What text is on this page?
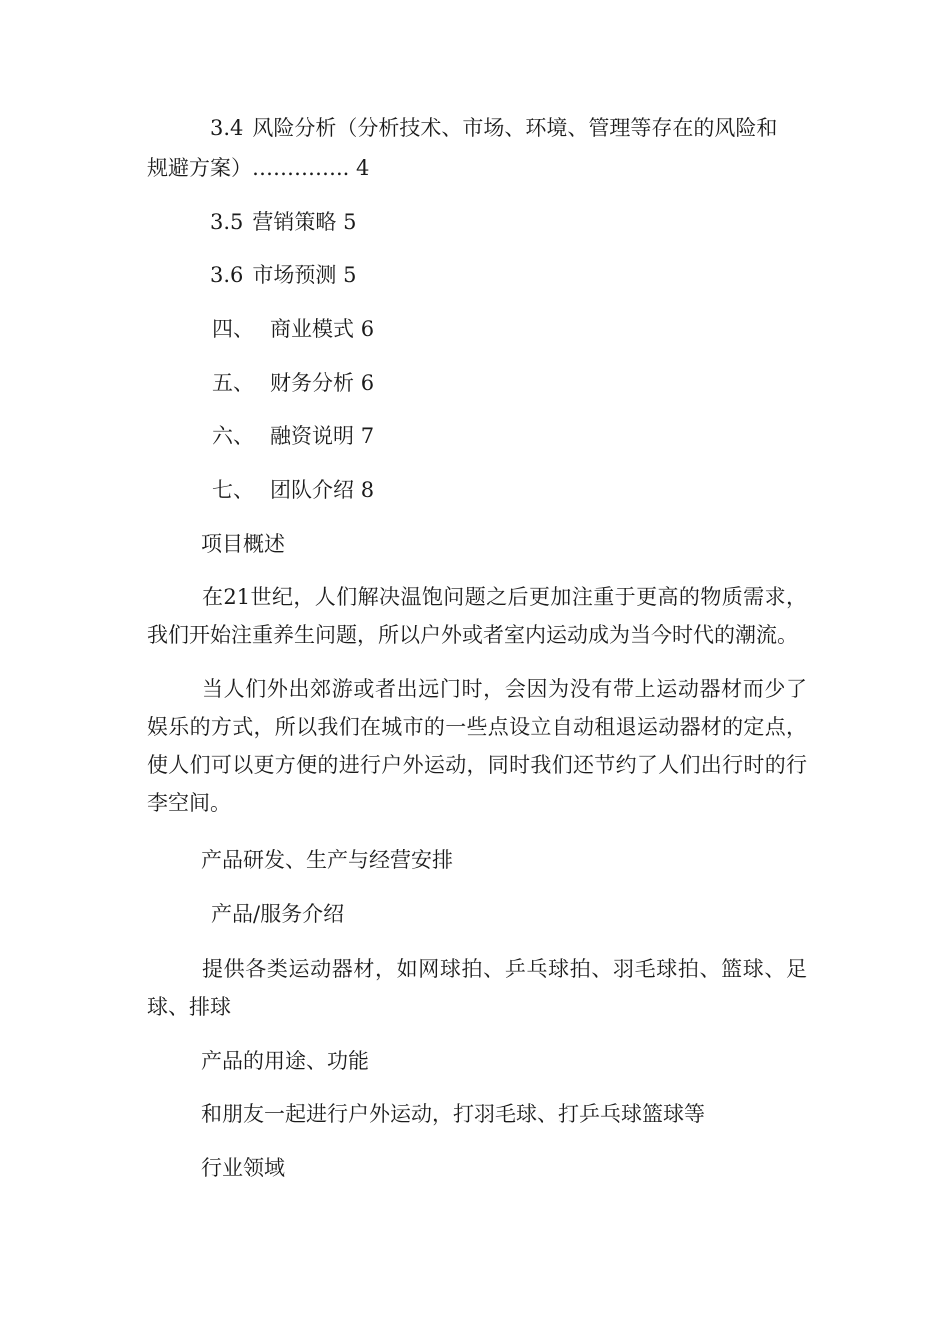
3.4 风险分析（分析技术、市场、环境、管理等存在的风险和
规避方案）………….. 4
3.5 营销策略 5
3.6 市场预测 5
四、 商业模式 6
五、 财务分析 6
六、 融资说明 7
七、 团队介绍 8
项目概述
在21世纪，人们解决温饱问题之后更加注重于更高的物质需求，我们开始注重养生问题，所以户外或者室内运动成为当今时代的潮流。
当人们外出郊游或者出远门时，会因为没有带上运动器材而少了娱乐的方式，所以我们在城市的一些点设立自动租退运动器材的定点，使人们可以更方便的进行户外运动，同时我们还节约了人们出行时的行李空间。
产品研发、生产与经营安排
产品/服务介绍
提供各类运动器材，如网球拍、乒乓球拍、羽毛球拍、篮球、足球、排球
产品的用途、功能
和朋友一起进行户外运动，打羽毛球、打乒乓球篮球等
行业领域
